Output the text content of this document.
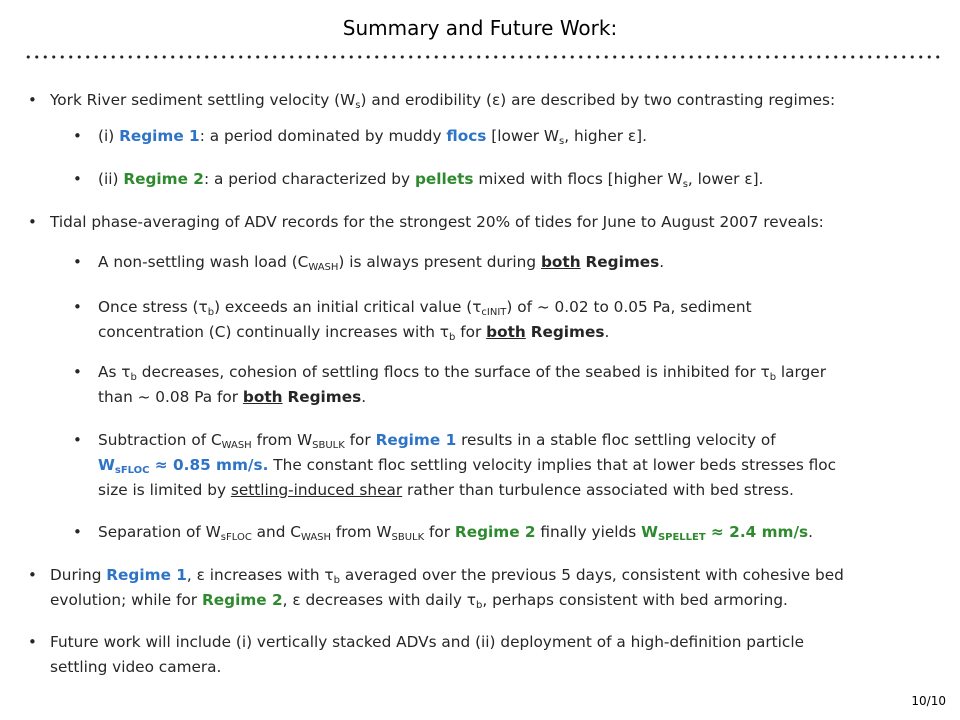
Summary and Future Work:
• York River sediment settling velocity $(W_s)$ and erodibility (ε) are described by two contrasting regimes:
• (i) Regime 1: a period dominated by muddy flocs [lower $W_s$, higher ε].
• (ii) Regime 2: a period characterized by pellets mixed with flocs [higher $W_s$, lower ε].
• Tidal phase-averaging of ADV records for the strongest 20% of tides for June to August 2007 reveals:
• A non-settling wash load $(C_{WASH})$ is always present during both Regimes.
• Once stress $(\tau_b)$ exceeds an initial critical value $(\tau_{cINIT})$ of ~ 0.02 to 0.05 Pa, sediment
concentration (C) continually increases with $\tau_b$ for both Regimes.
• As $\tau_b$ decreases, cohesion of settling flocs to the surface of the seabed is inhibited for $\tau_b$ larger
than ~ 0.08 Pa for both Regimes.
• Subtraction of $C_{WASH}$ from $W_{SBULK}$ for Regime 1 results in a stable floc settling velocity of
$W_{sFLOC} \approx 0.85$ mm/s. The constant floc settling velocity implies that at lower beds stresses floc
size is limited by settling-induced shear rather than turbulence associated with bed stress.
• Separation of $W_{sFLOC}$ and $C_{WASH}$ from $W_{SBULK}$ for Regime 2 finally yields $W_{SPELLET} \approx 2.4$ mm/s.
• During Regime 1, ε increases with $\tau_b$ averaged over the previous 5 days, consistent with cohesive bed
evolution; while for Regime 2, ε decreases with daily $\tau_b$, perhaps consistent with bed armoring.
• Future work will include (i) vertically stacked ADVs and (ii) deployment of a high-definition particle
settling video camera.
10/10
